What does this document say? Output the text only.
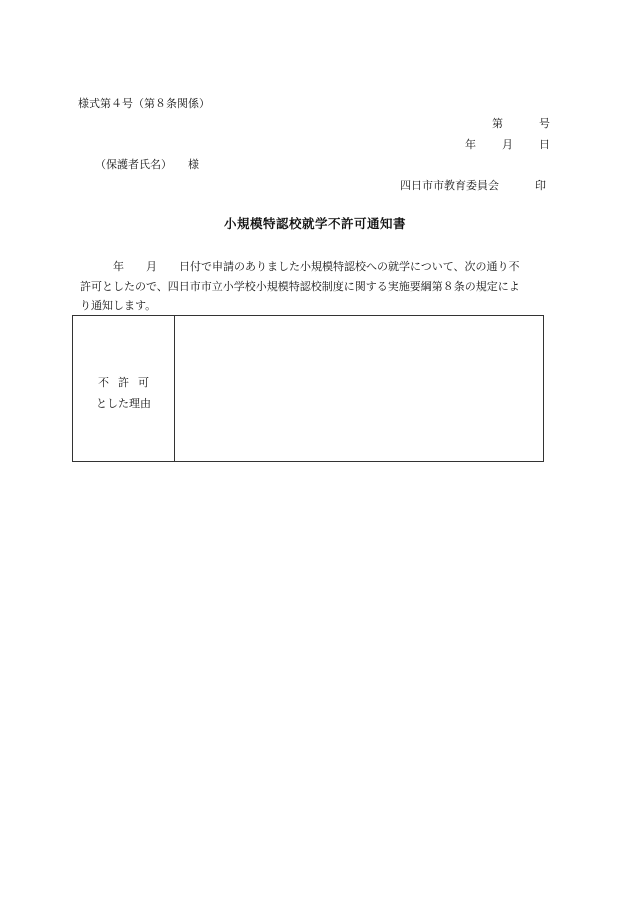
様式第４号（第８条関係）
第	号
年 月 日
（保護者氏名） 様
四日市市教育委員会	印
小規模特認校就学不許可通知書
　　　年　　月　　日付で申請のありました小規模特認校への就学について、次の通り不
許可としたので、四日市市立小学校小規模特認校制度に関する実施要綱第８条の規定によ
り通知します。
不許可
とした理由
